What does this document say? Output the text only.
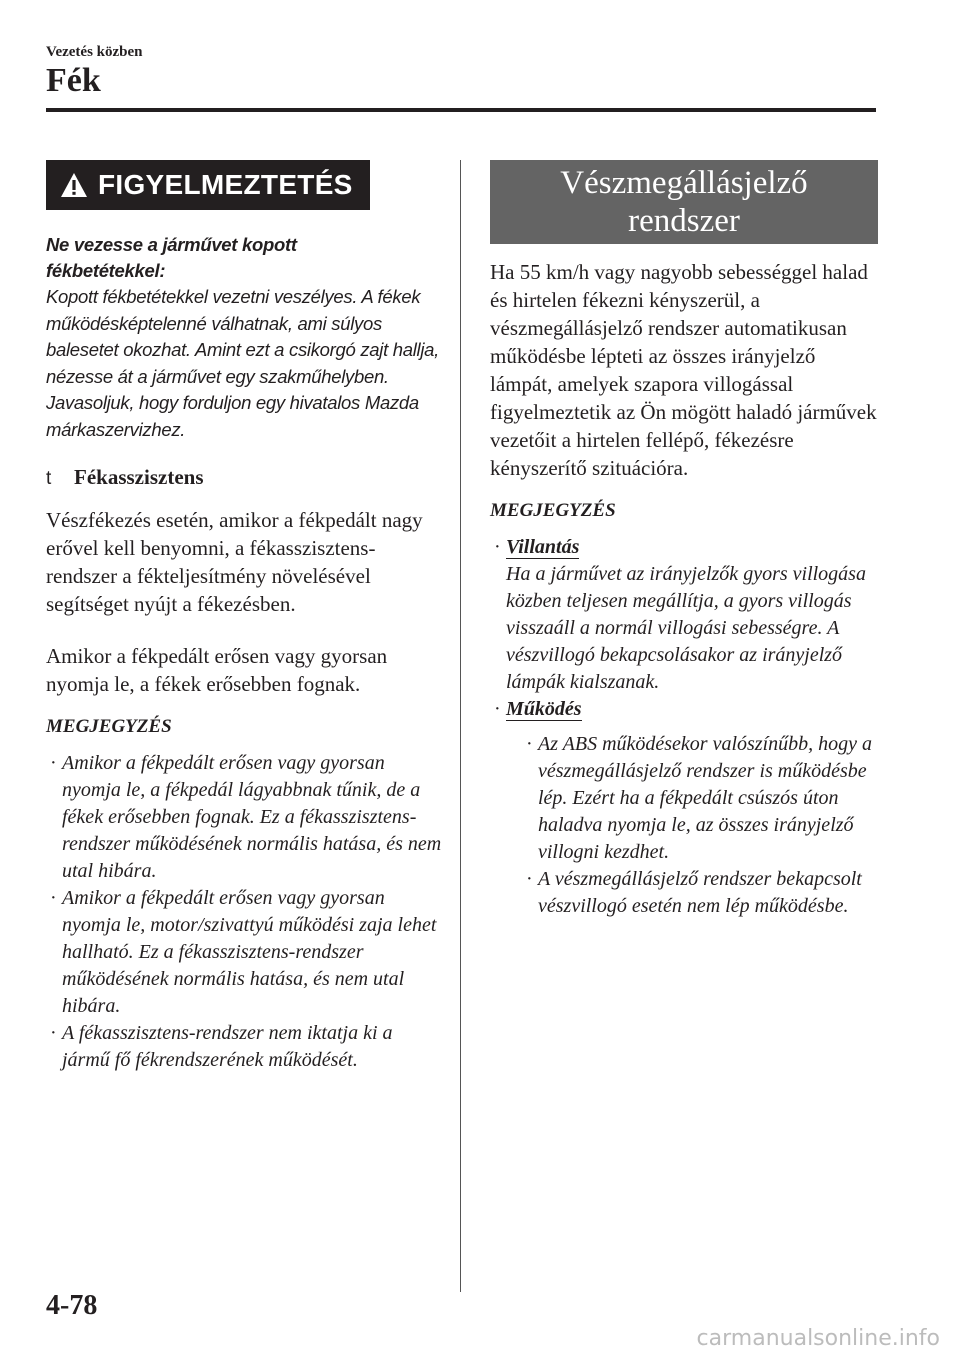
Vezetés közben
Fék
FIGYELMEZTETÉS

Ne vezesse a járművet kopott fékbetétekkel:

Kopott fékbetétekkel vezetni veszélyes. A fékek működésképtelenné válhatnak, ami súlyos balesetet okozhat. Amint ezt a csikorgó zajt hallja, nézesse át a járművet egy szakműhelyben. Javasoljuk, hogy forduljon egy hivatalos Mazda márkaszervizhez.

t	Fékasszisztens

Vészfékezés esetén, amikor a fékpedált nagy erővel kell benyomni, a fékasszisztens-rendszer a fékteljesítmény növelésével segítséget nyújt a fékezésben.

Amikor a fékpedált erősen vagy gyorsan nyomja le, a fékek erősebben fognak.

MEGJEGYZÉS

· Amikor a fékpedált erősen vagy gyorsan nyomja le, a fékpedál lágyabbnak tűnik, de a fékek erősebben fognak. Ez a fékasszisztens-rendszer működésének normális hatása, és nem utal hibára.
· Amikor a fékpedált erősen vagy gyorsan nyomja le, motor/szivattyú működési zaja lehet hallható. Ez a fékasszisztens-rendszer működésének normális hatása, és nem utal hibára.
· A fékasszisztens-rendszer nem iktatja ki a jármű fő fékrendszerének működését.
Vészmegállásjelző
rendszer

Ha 55 km/h vagy nagyobb sebességgel halad és hirtelen fékezni kényszerül, a vészmegállásjelző rendszer automatikusan működésbe lépteti az összes irányjelző lámpát, amelyek szapora villogással figyelmeztetik az Ön mögött haladó járművek vezetőit a hirtelen fellépő, fékezésre kényszerítő szituációra.

MEGJEGYZÉS

· Villantás
Ha a járművet az irányjelzők gyors villogása közben teljesen megállítja, a gyors villogás visszaáll a normál villogási sebességre. A vészvillogó bekapcsolásakor az irányjelző lámpák kialszanak.
· Működés
· Az ABS működésekor valószínűbb, hogy a vészmegállásjelző rendszer is működésbe lép. Ezért ha a fékpedált csúszós úton haladva nyomja le, az összes irányjelző villogni kezdhet.
· A vészmegállásjelző rendszer bekapcsolt vészvillogó esetén nem lép működésbe.
4-78
carmanualsonline.info
